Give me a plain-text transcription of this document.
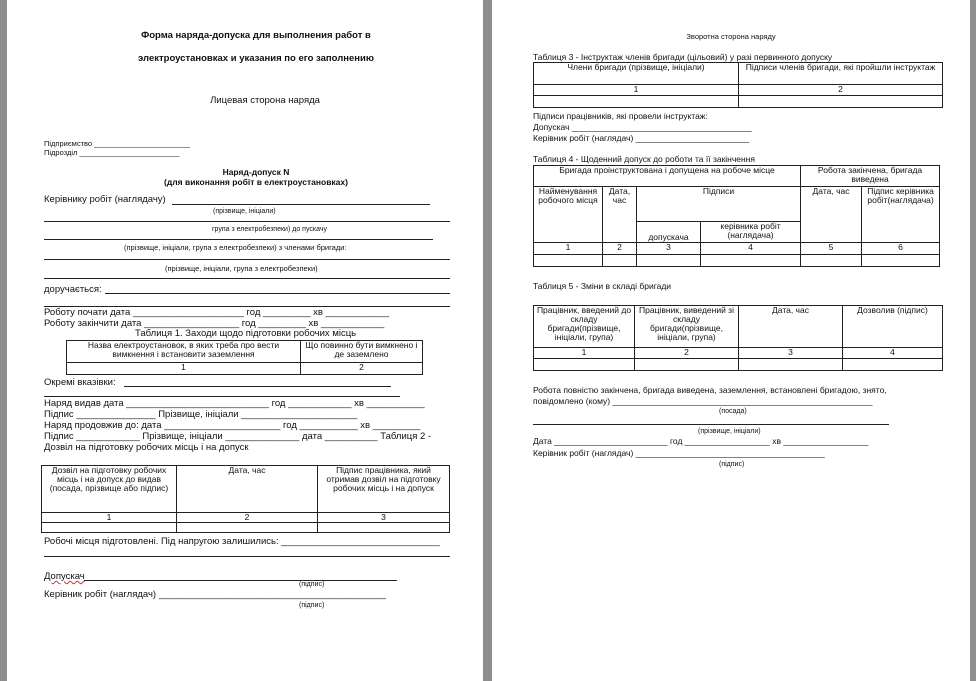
Форма наряда-допуска для выполнения работ в
электроустановках и указания по его заполнению
Лицевая сторона наряда
Підприємство _______________________
Підрозділ ________________________
Наряд-допуск N
(для виконання робіт в електроустановках)
Керівнику робіт (наглядачу)
(прізвище, ініціали)
група з електробезпеки) до пускачу
(прізвище, ініціали, група з електробезпеки) з членами бригади:
(прізвище, ініціали, група з електробезпеки)
доручається:
Роботу почати дата _____________________ год _________ хв ____________
Роботу закінчити дата __________________ год _________ хв ____________
Таблиця 1. Заходи щодо підготовки робочих місць
Назва електроустановок, в яких треба про вести вимкнення і встановити заземлення	Що повинно бути вимкнено і де заземлено
1	2
Окремі вказівки:
Наряд видав дата ___________________________ год ____________ хв ___________
Підпис _______________ Прізвище, ініціали ______________________
Наряд продовжив до: дата ______________________ год ___________ хв _________
Підпис ____________ Прізвище, ініціали ______________ дата __________ Таблиця 2 -
Дозвіл на підготовку робочих місць і на допуск
Дозвіл на підготовку робочих місць і на допуск до видав (посада, прізвище або підпис)	Дата, час	Підпис працівника, який отримав дозвіл на підготовку робочих місць і на допуск
1	2	3

Робочі місця підготовлені. Під напругою залишились: ______________________________
Допускач
(підпис)
Керівник робіт (наглядач) ___________________________________________
(підпис)
Зворотна сторона наряду
Таблиця 3 - Інструктаж членів бригади (цільовий) у разі первинного допуску
Члени бригади (прізвище, ініціали)	Підписи членів бригади, які пройшли інструктаж
1	2

Підписи працівників, які провели інструктаж:
Допускач ______________________________________
Керівник робіт (наглядач) ________________________
Таблиця 4 - Щоденний допуск до роботи та її закінчення
Бригада проінструктована і допущена на робоче місце				Робота закінчена, бригада виведена	
Найменування робочого місця	Дата, час	Підписи		Дата, час	Підпис керівника робіт(наглядача)
		допускача	керівника робіт (наглядача)		
1	2	3	4	5	6

Таблиця 5 - Зміни в складі бригади
Працівник, введений до складу бригади(прізвище, ініціали, група)	Працівник, виведений зі складу бригади(прізвище, ініціали, група)	Дата, час	Дозволив (підпис)
1	2	3	4

Робота повністю закінчена, бригада виведена, заземлення, встановлені бригадою, знято,
повідомлено (кому) _______________________________________________________
(посада)
(прізвище, ініціали)
Дата ________________________ год __________________ хв __________________
Керівник робіт (наглядач) ________________________________________
(підпис)
